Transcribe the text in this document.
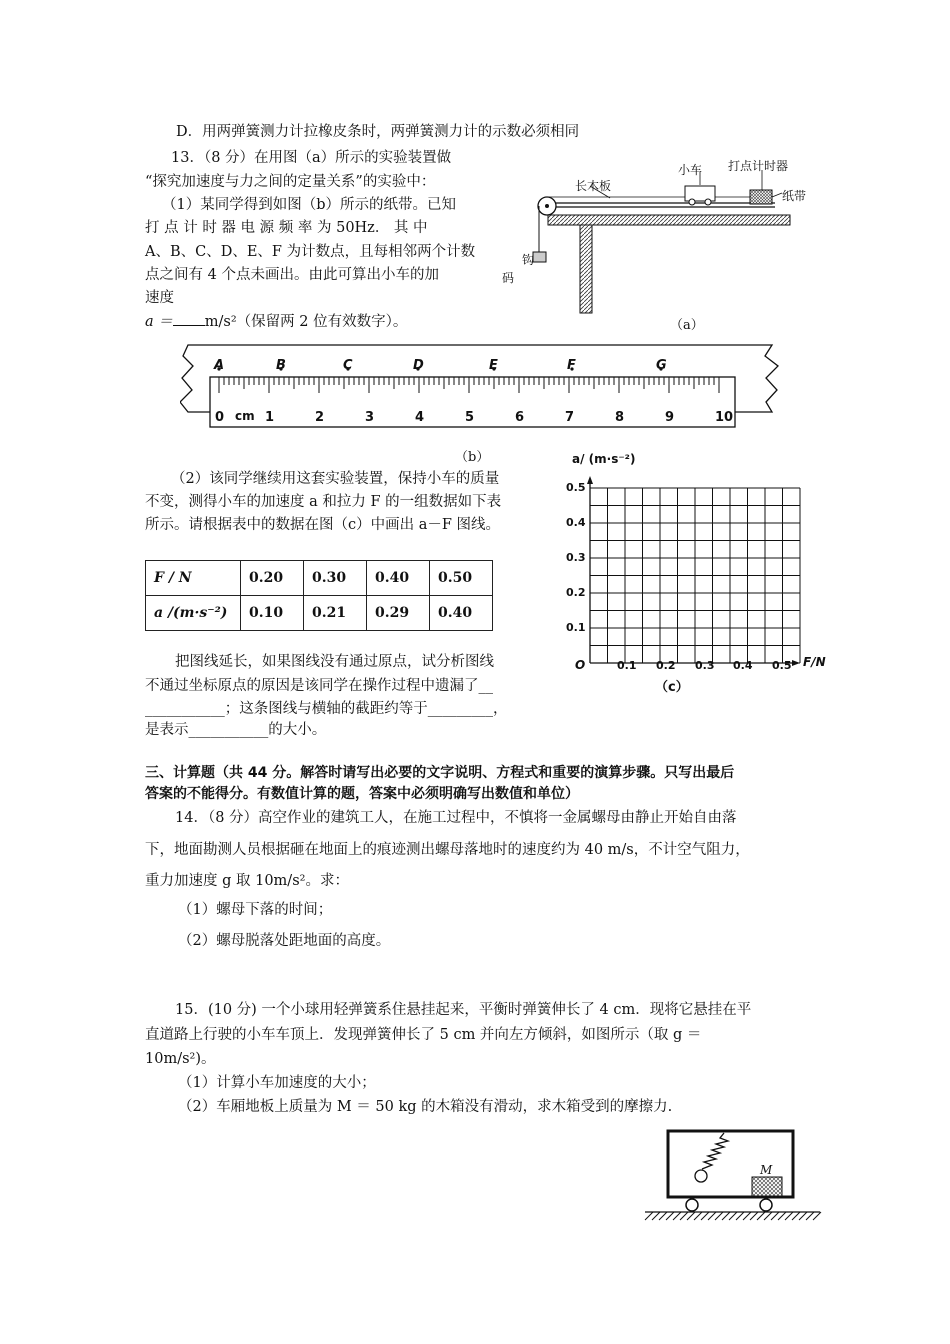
D．用两弹簧测力计拉橡皮条时，两弹簧测力计的示数必须相同
13．（8 分）在用图（a）所示的实验装置做
“探究加速度与力之间的定量关系”的实验中：
（1）某同学得到如图（b）所示的纸带。已知
打 点 计 时 器 电 源 频 率 为 50Hz． 其 中
A、B、C、D、E、F 为计数点，且每相邻两个计数
点之间有 4 个点未画出。由此可算出小车的加
速度
a ＝ m/s²（保留两 2 位有效数字）。
长木板
小车 打点计时器
纸带
钩
码
（a）
0	1	2	3	4	5	6	7	8	9	10
A	B	C	D	E	F	G
cm
（b）
（2）该同学继续用这套实验装置，保持小车的质量
不变，测得小车的加速度 a 和拉力 F 的一组数据如下表
所示。请根据表中的数据在图（c）中画出 a－F 图线。
F / N	0.20	0.30	0.40	0.50
a /(m·s⁻²)	0.10	0.21	0.29	0.40
把图线延长，如果图线没有通过原点，试分析图线
不通过坐标原点的原因是该同学在操作过程中遗漏了__
___________；这条图线与横轴的截距约等于_________，
是表示___________的大小。
a/ (m·s⁻²)
F/N
O
0.1
0.2
0.3
0.4
0.5
0.1 0.2 0.3 0.4 0.5
（c）
三、计算题（共 44 分。解答时请写出必要的文字说明、方程式和重要的演算步骤。只写出最后
答案的不能得分。有数值计算的题，答案中必须明确写出数值和单位）
14．（8 分）高空作业的建筑工人，在施工过程中，不慎将一金属螺母由静止开始自由落
下，地面勘测人员根据砸在地面上的痕迹测出螺母落地时的速度约为 40 m/s，不计空气阻力，
重力加速度 g 取 10m/s²。求：
（1）螺母下落的时间；
（2）螺母脱落处距地面的高度。
15．(10 分) 一个小球用轻弹簧系住悬挂起来，平衡时弹簧伸长了 4 cm．现将它悬挂在平
直道路上行驶的小车车顶上．发现弹簧伸长了 5 cm 并向左方倾斜，如图所示（取 g ＝
10m/s²)。
（1）计算小车加速度的大小；
（2）车厢地板上质量为 M ＝ 50 kg 的木箱没有滑动，求木箱受到的摩擦力.
M
